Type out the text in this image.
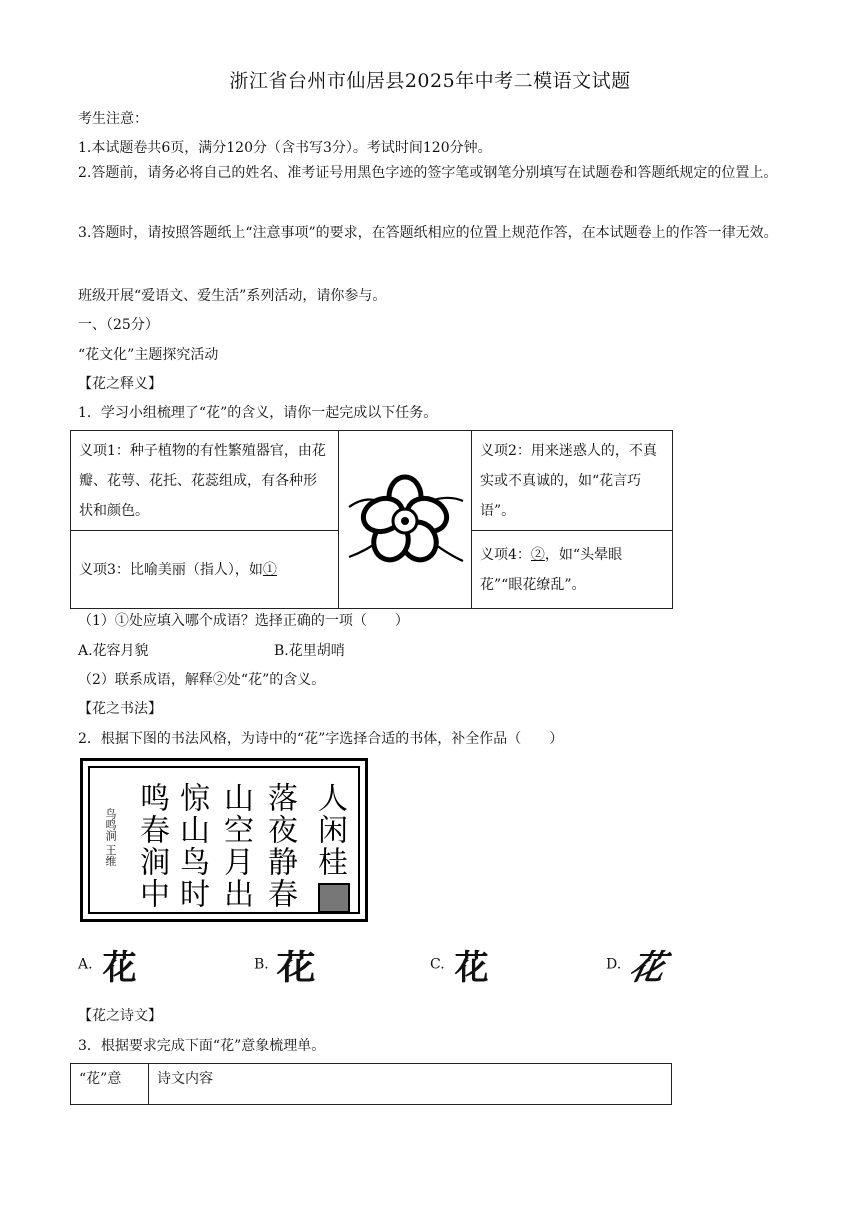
浙江省台州市仙居县2025年中考二模语文试题
考生注意：
1.本试题卷共6页，满分120分（含书写3分）。考试时间120分钟。
2.答题前，请务必将自己的姓名、准考证号用黑色字迹的签字笔或钢笔分别填写在试题卷和答题纸规定的位置上。
3.答题时，请按照答题纸上“注意事项”的要求，在答题纸相应的位置上规范作答，在本试题卷上的作答一律无效。
班级开展“爱语文、爱生活”系列活动，请你参与。
一、（25分）
“花文化”主题探究活动
【花之释义】
1．学习小组梳理了“花”的含义，请你一起完成以下任务。
义项1：种子植物的有性繁殖器官，由花瓣、花萼、花托、花蕊组成，有各种形状和颜色。		义项2：用来迷惑人的，不真实或不真诚的，如“花言巧语”。
义项3：比喻美丽（指人），如①		义项4：②，如“头晕眼花”“眼花缭乱”。
（1）①处应填入哪个成语？选择正确的一项（　　）
A.花容月貌	B.花里胡哨
（2）联系成语，解释②处“花”的含义。
【花之书法】
2．根据下图的书法风格，为诗中的“花”字选择合适的书体，补全作品（　　）
人闲桂
落夜静春
山空月出
惊山鸟时
鸣春涧中
鸟鸣涧 王维
A. 花	B. 花	C. 花	D. 花
【花之诗文】
3．根据要求完成下面“花”意象梳理单。
“花”意	诗文内容
